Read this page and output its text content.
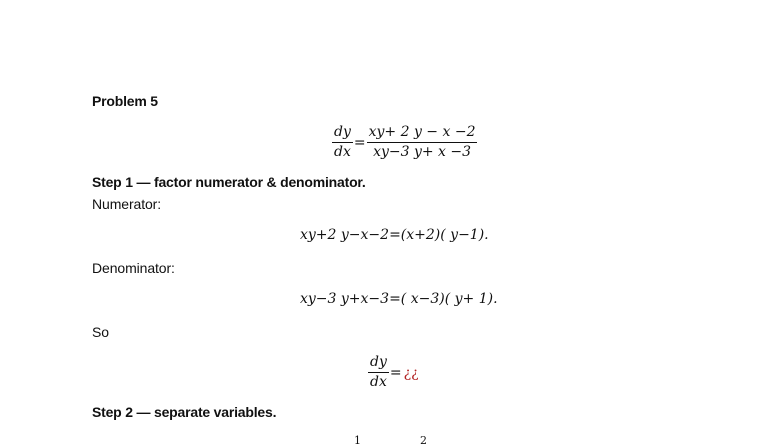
Problem 5
$\frac{dy}{dx} = \frac{xy+ 2 y - x -2}{xy-3 y+ x -3}$
Step 1 — factor numerator & denominator.
Numerator:
xy+2 y−x−2=(x+2)( y−1).
Denominator:
xy−3 y+x−3=( x−3)( y+ 1).
So
$\frac{dy}{dx}$ = ¿¿
Step 2 — separate variables.
1	2
